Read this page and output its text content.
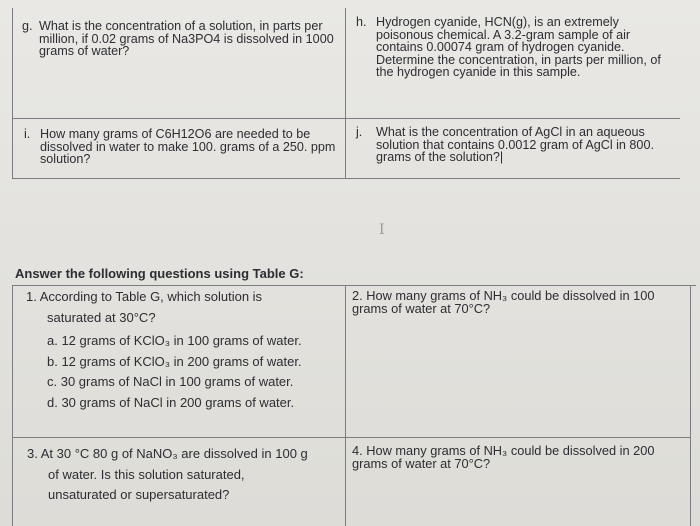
g. What is the concentration of a solution, in parts per million, if 0.02 grams of Na3PO4 is dissolved in 1000 grams of water?
h. Hydrogen cyanide, HCN(g), is an extremely poisonous chemical. A 3.2-gram sample of air contains 0.00074 gram of hydrogen cyanide. Determine the concentration, in parts per million, of the hydrogen cyanide in this sample.
i. How many grams of C6H12O6 are needed to be dissolved in water to make 100. grams of a 250. ppm solution?
j.	What is the concentration of AgCl in an aqueous solution that contains 0.0012 gram of AgCl in 800. grams of the solution?|
I
Answer the following questions using Table G:
1. According to Table G, which solution is
saturated at 30°C?
a. 12 grams of KClO₃ in 100 grams of water.
b. 12 grams of KClO₃ in 200 grams of water.
c. 30 grams of NaCl in 100 grams of water.
d. 30 grams of NaCl in 200 grams of water.
2. How many grams of NH₃ could be dissolved in 100 grams of water at 70°C?
3. At 30 °C 80 g of NaNO₃ are dissolved in 100 g
of water. Is this solution saturated,
unsaturated or supersaturated?
4. How many grams of NH₃ could be dissolved in 200 grams of water at 70°C?
